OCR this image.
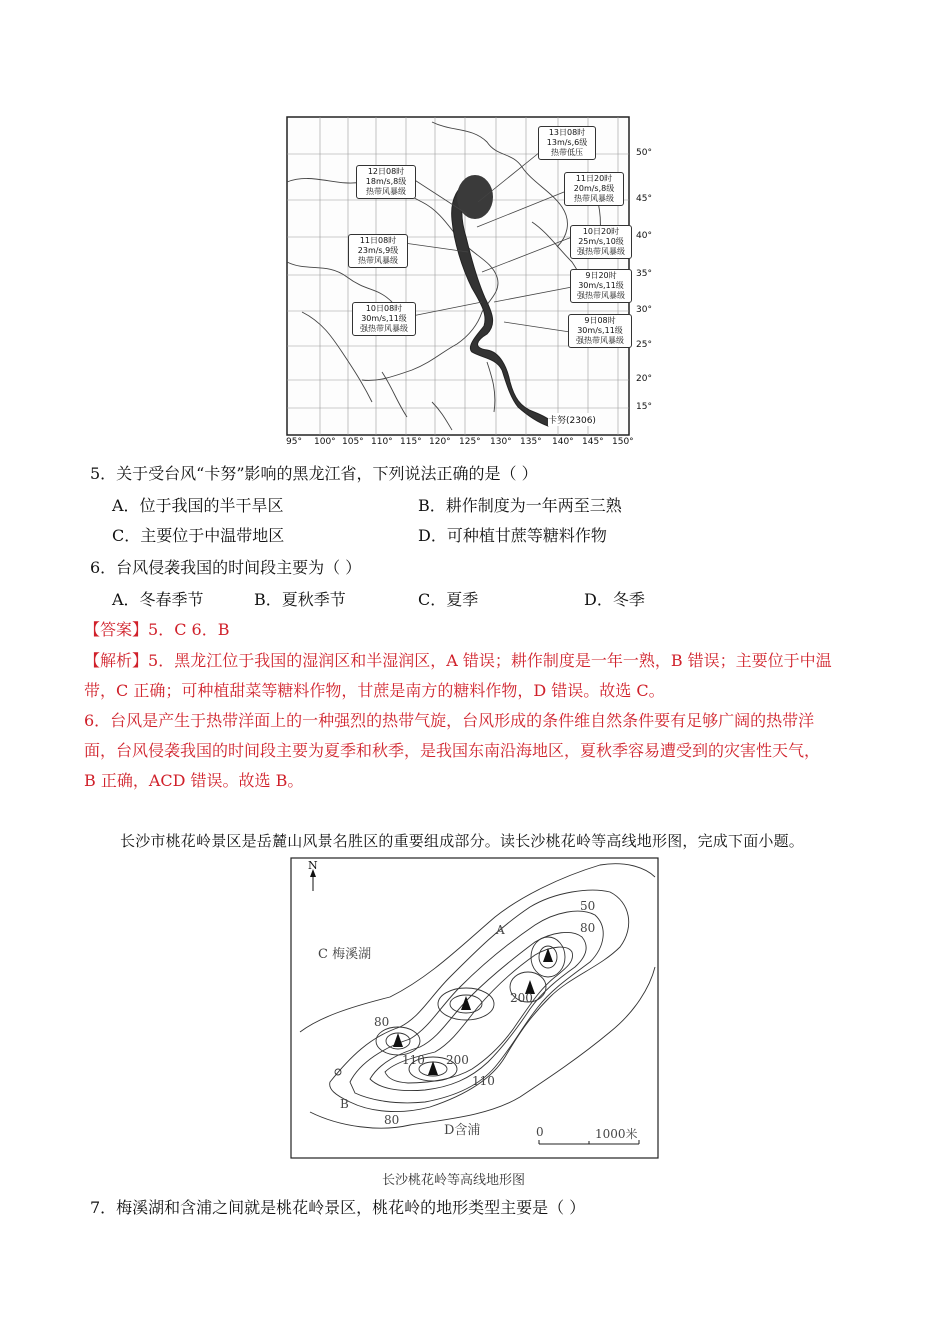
50°
45°
40°
35°
30°
25°
20°
15°
95° 100° 105° 110° 115° 120° 125° 130° 135° 140° 145° 150°
卡努(2306)
13日08时
13m/s,6级
热带低压
12日08时
18m/s,8级
热带风暴级
11日20时
20m/s,8级
热带风暴级
11日08时
23m/s,9级
热带风暴级
10日20时
25m/s,10级
强热带风暴级
9日20时
30m/s,11级
强热带风暴级
10日08时
30m/s,11级
强热带风暴级
9日08时
30m/s,11级
强热带风暴级
5．关于受台风“卡努”影响的黑龙江省，下列说法正确的是（ ）
A．位于我国的半干旱区	B．耕作制度为一年两至三熟
C．主要位于中温带地区	D．可种植甘蔗等糖料作物
6．台风侵袭我国的时间段主要为（ ）
A．冬春季节	B．夏秋季节	C．夏季	D．冬季
【答案】5．C 6．B
【解析】5．黑龙江位于我国的湿润区和半湿润区，A 错误；耕作制度是一年一熟，B 错误；主要位于中温
带，C 正确；可种植甜菜等糖料作物，甘蔗是南方的糖料作物，D 错误。故选 C。
6．台风是产生于热带洋面上的一种强烈的热带气旋，台风形成的条件维自然条件要有足够广阔的热带洋
面，台风侵袭我国的时间段主要为夏季和秋季，是我国东南沿海地区，夏秋季容易遭受到的灾害性天气，
B 正确，ACD 错误。故选 B。
长沙市桃花岭景区是岳麓山风景名胜区的重要组成部分。读长沙桃花岭等高线地形图，完成下面小题。
N
C 梅溪湖
D含浦
A
B
50
80
200
80
110 200
110
80
0	1000米
长沙桃花岭等高线地形图
7．梅溪湖和含浦之间就是桃花岭景区，桃花岭的地形类型主要是（ ）
